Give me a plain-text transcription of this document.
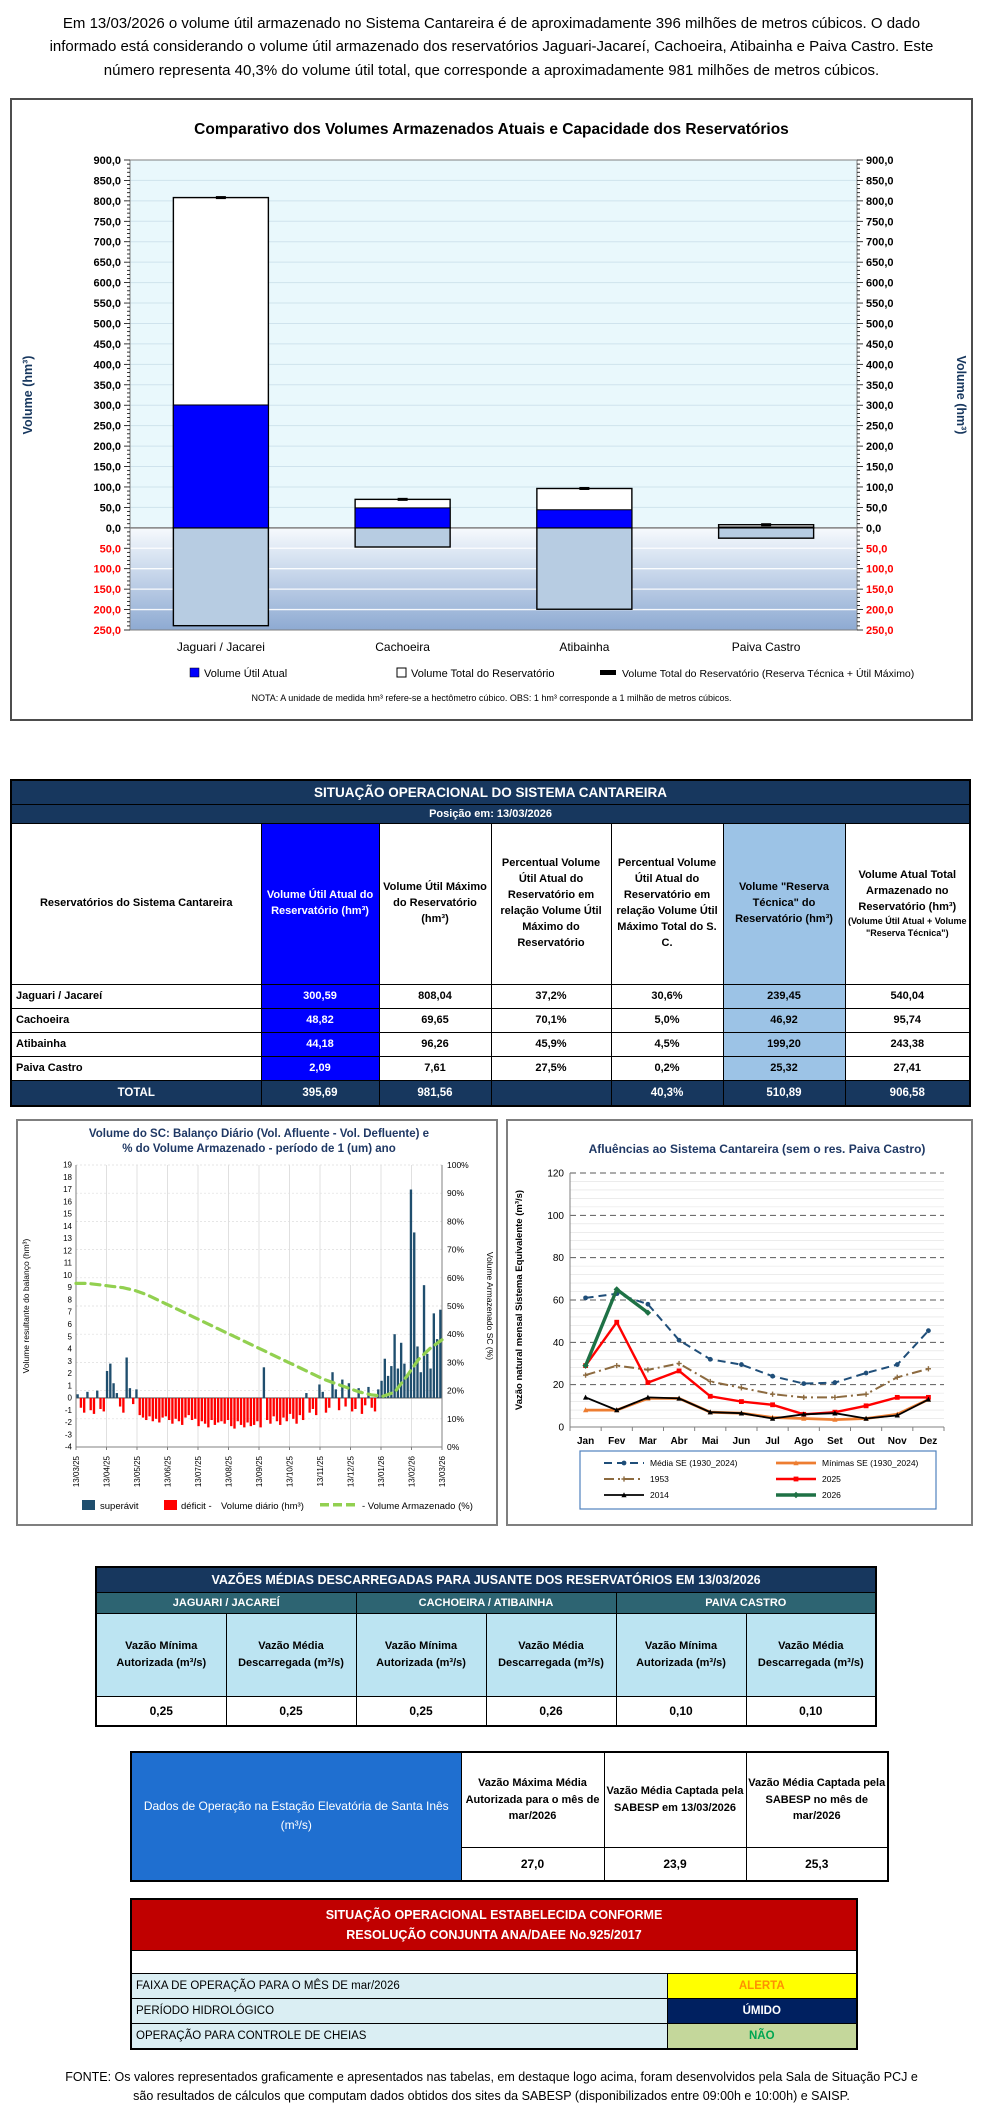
Em 13/03/2026 o volume útil armazenado no Sistema Cantareira é de aproximadamente 396 milhões de metros cúbicos. O dado informado está considerando o volume útil armazenado dos reservatórios Jaguari-Jacareí, Cachoeira, Atibainha e Paiva Castro. Este número representa 40,3% do volume útil total, que corresponde a aproximadamente 981 milhões de metros cúbicos.
Comparativo dos Volumes Armazenados Atuais e Capacidade dos Reservatórios
250,0	250,0
200,0	200,0
150,0	150,0
100,0	100,0
50,0	50,0
0,0	0,0
50,0	50,0
100,0	100,0
150,0	150,0
200,0	200,0
250,0	250,0
300,0	300,0
350,0	350,0
400,0	400,0
450,0	450,0
500,0	500,0
550,0	550,0
600,0	600,0
650,0	650,0
700,0	700,0
750,0	750,0
800,0	800,0
850,0	850,0
900,0	900,0
Jaguari / Jacarei	Cachoeira	Atibainha	Paiva Castro
Volume Útil Atual	Volume Total do Reservatório	Volume Total do Reservatório (Reserva Técnica + Útil Máximo)
NOTA: A unidade de medida hm³ refere-se a hectômetro cúbico. OBS: 1 hm³ corresponde a 1 milhão de metros cúbicos.
Volume (hm³)	Volume (hm³)
SITUAÇÃO OPERACIONAL DO SISTEMA CANTAREIRA						
Posição em: 13/03/2026						
Reservatórios do Sistema Cantareira	Volume Útil Atual do Reservatório (hm³)	Volume Útil Máximo do Reservatório (hm³)	Percentual Volume Útil Atual do Reservatório em relação Volume Útil Máximo do Reservatório	Percentual Volume Útil Atual do Reservatório em relação Volume Útil Máximo Total do S. C.	Volume "Reserva Técnica" do Reservatório (hm³)	Volume Atual Total Armazenado no Reservatório (hm³)
(Volume Útil Atual + Volume "Reserva Técnica")

Jaguari / Jacareí	300,59	808,04	37,2%	30,6%	239,45	540,04
Cachoeira	48,82	69,65	70,1%	5,0%	46,92	95,74
Atibainha	44,18	96,26	45,9%	4,5%	199,20	243,38
Paiva Castro	2,09	7,61	27,5%	0,2%	25,32	27,41
TOTAL	395,69	981,56		40,3%	510,89	906,58
Volume do SC: Balanço Diário (Vol. Afluente - Vol. Defluente) e
% do Volume Armazenado - período de 1 (um) ano
-4
-3
-2
-1
0
1
2
3
4
5
6
7
8
9
10
11
12
13
14
15
16
17
18
19
0%
10%
20%
30%
40%
50%
60%
70%
80%
90%
100%
13/03/25	13/04/25	13/05/25	13/06/25	13/07/25	13/08/25	13/09/25	13/10/25	13/11/25	13/12/25	13/01/26	13/02/26	13/03/26
superávit	déficit - Volume diário (hm³)	- Volume Armazenado (%)
Volume resultante do balanço (hm³)	Volume Armazenado SC (%)
Afluências ao Sistema Cantareira (sem o res. Paiva Castro)
0
20
40
60
80
100
120
Jan Fev Mar Abr Mai Jun Jul Ago Set Out Nov Dez
Média SE (1930_2024)	Mínimas SE (1930_2024)
1953	2025
2014	2026
Vazão natural mensal Sistema Equivalente (m³/s)
VAZÕES MÉDIAS DESCARREGADAS PARA JUSANTE DOS RESERVATÓRIOS EM 13/03/2026					
JAGUARI / JACAREÍ		CACHOEIRA / ATIBAINHA		PAIVA CASTRO	
Vazão Mínima Autorizada (m³/s)	Vazão Média Descarregada (m³/s)	Vazão Mínima Autorizada (m³/s)	Vazão Média Descarregada (m³/s)	Vazão Mínima Autorizada (m³/s)	Vazão Média Descarregada (m³/s)
0,25	0,25	0,25	0,26	0,10	0,10
Dados de Operação na Estação Elevatória de Santa Inês (m³/s)	Vazão Máxima Média Autorizada para o mês de mar/2026	Vazão Média Captada pela SABESP em 13/03/2026	Vazão Média Captada pela SABESP no mês de mar/2026
	27,0	23,9	25,3
SITUAÇÃO OPERACIONAL ESTABELECIDA CONFORME
RESOLUÇÃO CONJUNTA ANA/DAEE No.925/2017	

FAIXA DE OPERAÇÃO PARA O MÊS DE mar/2026	ALERTA
PERÍODO HIDROLÓGICO	ÚMIDO
OPERAÇÃO PARA CONTROLE DE CHEIAS	NÃO
FONTE: Os valores representados graficamente e apresentados nas tabelas, em destaque logo acima, foram desenvolvidos pela Sala de Situação PCJ e são resultados de cálculos que computam dados obtidos dos sites da SABESP (disponibilizados entre 09:00h e 10:00h) e SAISP.
